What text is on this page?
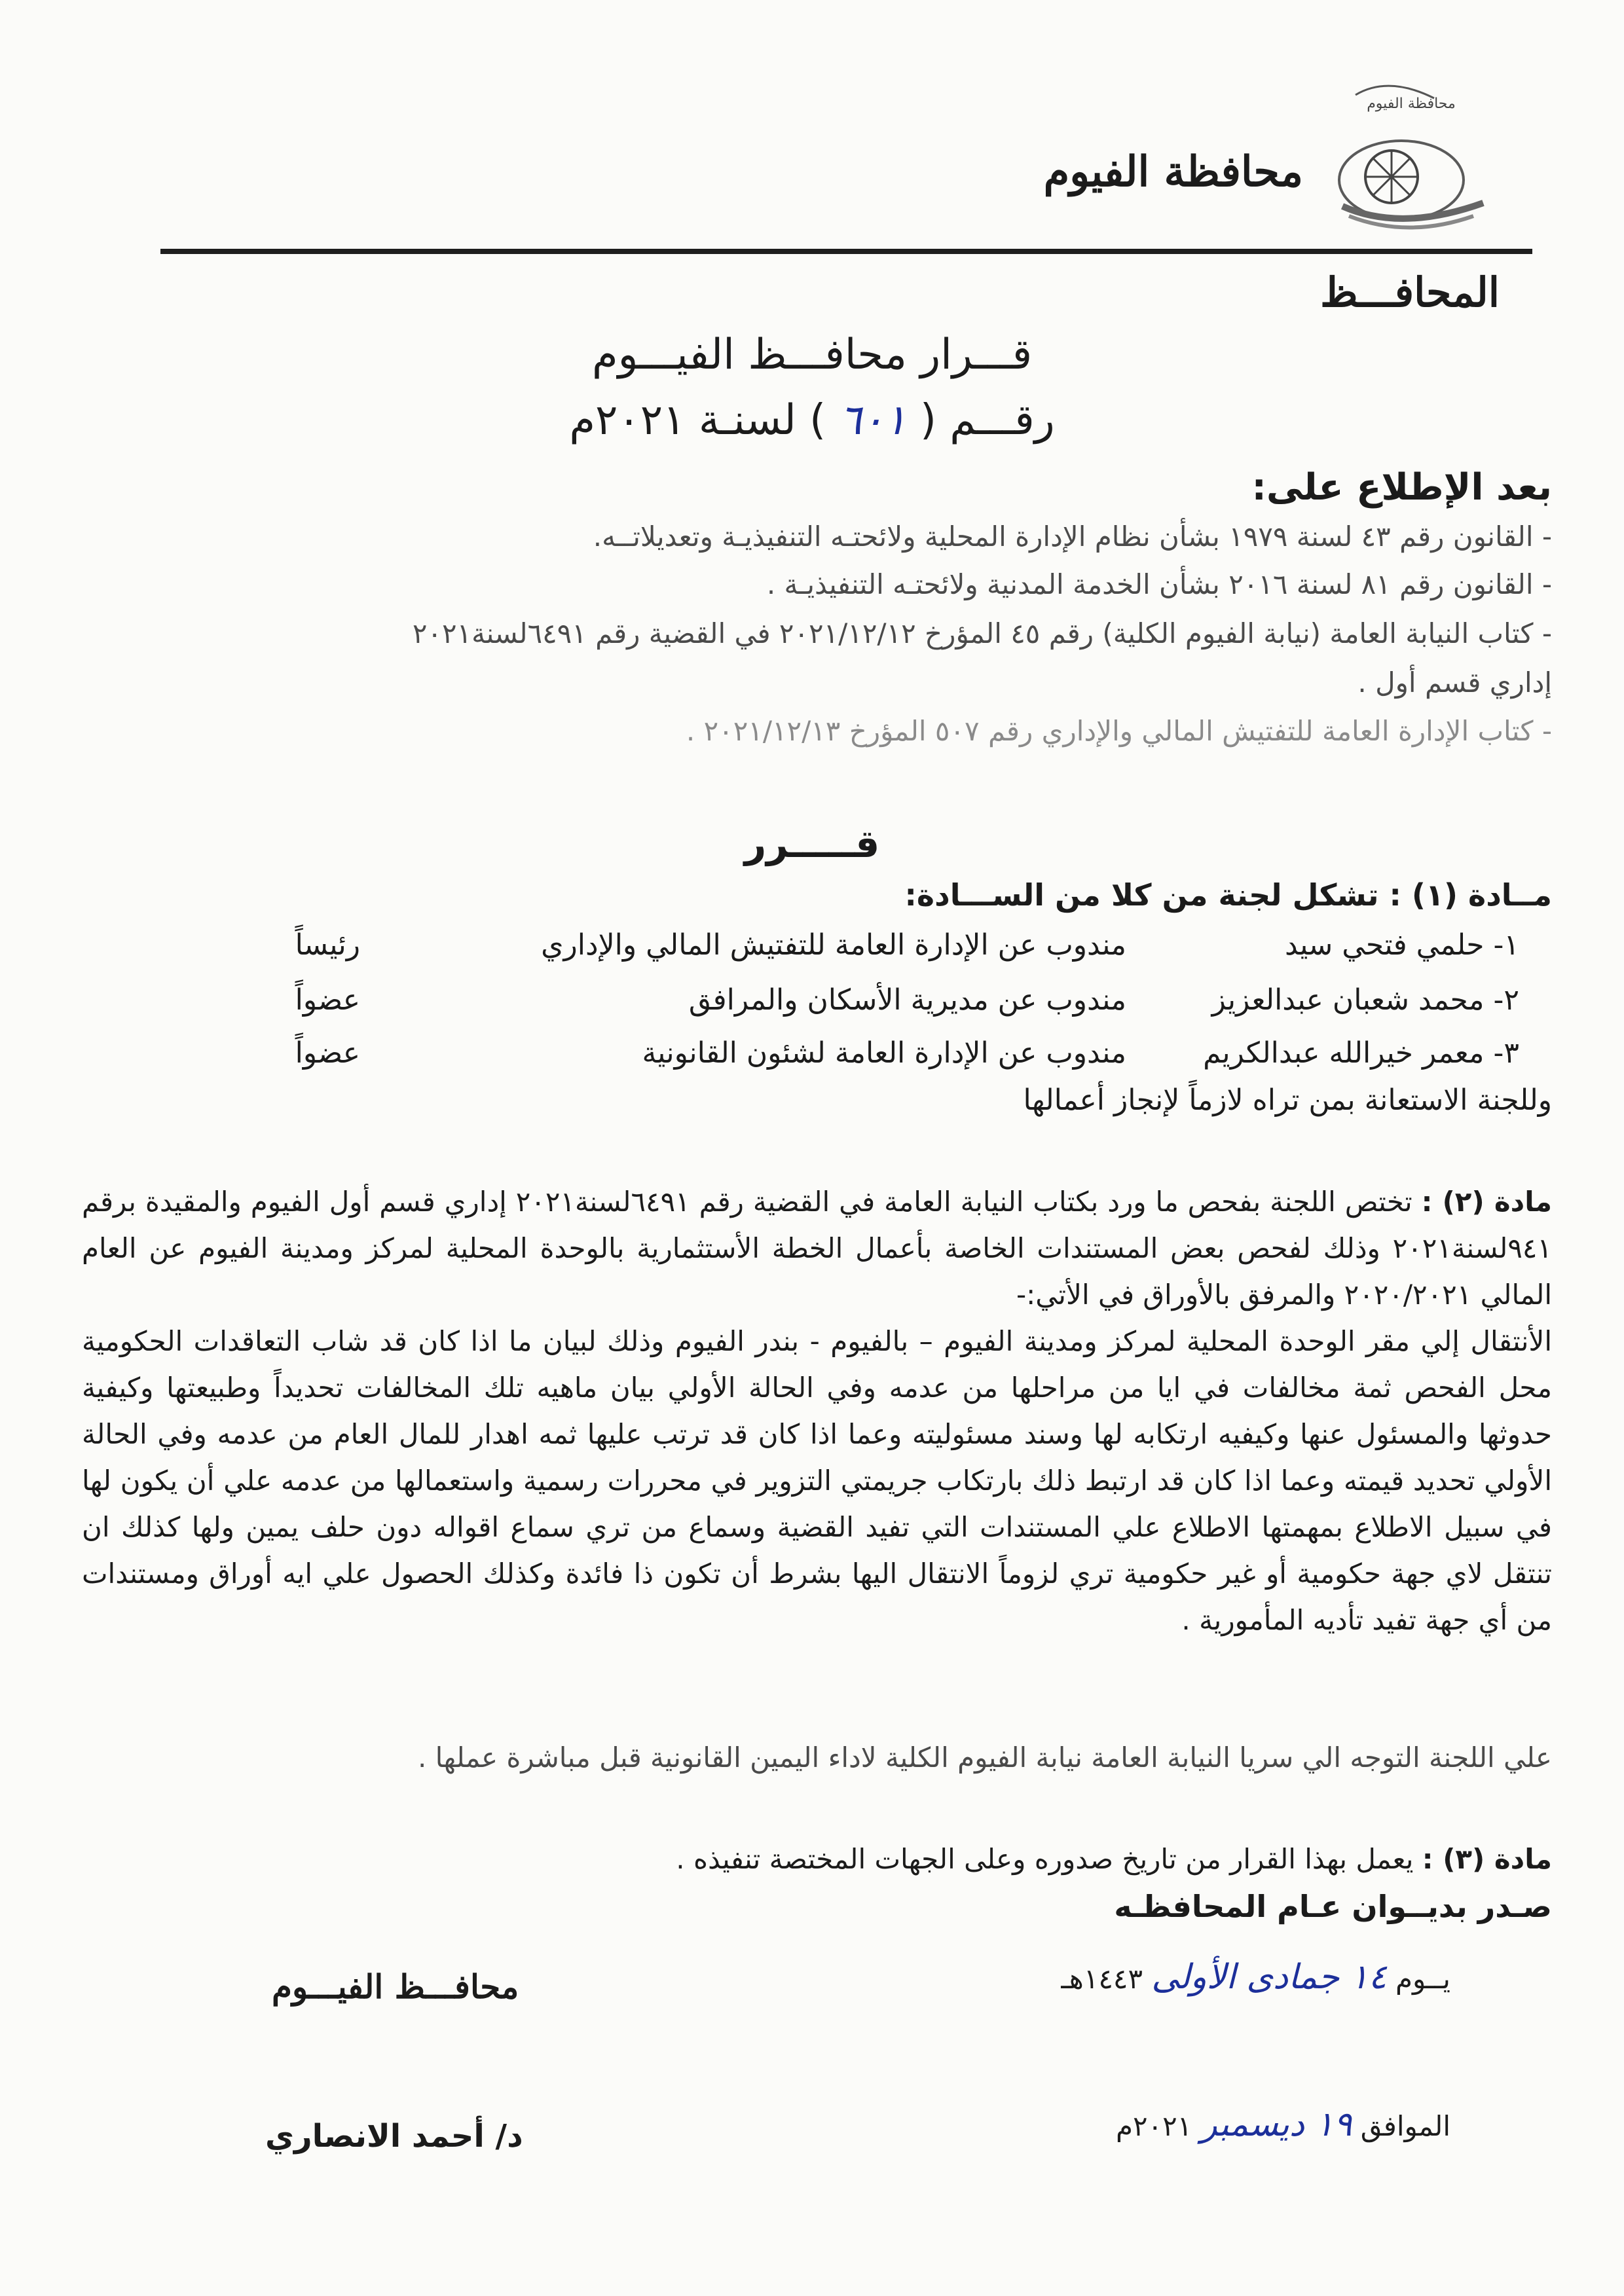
محافظة الفيوم
محافظة الفيوم
المحافـــظ
قـــرار محافـــظ الفيـــوم
رقـــم ( ٦٠١ ) لسنـة ٢٠٢١م
بعد الإطلاع على:
- القانون رقم ٤٣ لسنة ١٩٧٩ بشأن نظام الإدارة المحلية ولائحتـه التنفيذيـة وتعديلاتــه.
- القانون رقم ٨١ لسنة ٢٠١٦ بشأن الخدمة المدنية ولائحتـه التنفيذيـة .
- كتاب النيابة العامة (نيابة الفيوم الكلية) رقم ٤٥ المؤرخ ٢٠٢١/١٢/١٢ في القضية رقم ٦٤٩١لسنة٢٠٢١
إداري قسم أول .
- كتاب الإدارة العامة للتفتيش المالي والإداري رقم ٥٠٧ المؤرخ ٢٠٢١/١٢/١٣ .
قـــــرر
مــادة (١) : تشكل لجنة من كلا من الســـادة:
١- حلمي فتحي سيد
مندوب عن الإدارة العامة للتفتيش المالي والإداري
رئيساً
٢- محمد شعبان عبدالعزيز
مندوب عن مديرية الأسكان والمرافق
عضواً
٣- معمر خيرالله عبدالكريم
مندوب عن الإدارة العامة لشئون القانونية
عضواً
وللجنة الاستعانة بمن تراه لازماً لإنجاز أعمالها

مادة (٢) : تختص اللجنة بفحص ما ورد بكتاب النيابة العامة في القضية رقم ٦٤٩١لسنة٢٠٢١ إداري قسم أول الفيوم والمقيدة برقم ٩٤١لسنة٢٠٢١ وذلك لفحص بعض المستندات الخاصة بأعمال الخطة الأستثمارية بالوحدة المحلية لمركز ومدينة الفيوم عن العام المالي ٢٠٢٠/٢٠٢١ والمرفق بالأوراق في الأتي:-

الأنتقال إلي مقر الوحدة المحلية لمركز ومدينة الفيوم – بالفيوم - بندر الفيوم وذلك لبيان ما اذا كان قد شاب التعاقدات الحكومية محل الفحص ثمة مخالفات في ايا من مراحلها من عدمه وفي الحالة الأولي بيان ماهيه تلك المخالفات تحديداً وطبيعتها وكيفية حدوثها والمسئول عنها وكيفيه ارتكابه لها وسند مسئوليته وعما اذا كان قد ترتب عليها ثمه اهدار للمال العام من عدمه وفي الحالة الأولي تحديد قيمته وعما اذا كان قد ارتبط ذلك بارتكاب جريمتي التزوير في محررات رسمية واستعمالها من عدمه علي أن يكون لها في سبيل الاطلاع بمهمتها الاطلاع علي المستندات التي تفيد القضية وسماع من تري سماع اقواله دون حلف يمين ولها كذلك ان تنتقل لاي جهة حكومية أو غير حكومية تري لزوماً الانتقال اليها بشرط أن تكون ذا فائدة وكذلك الحصول علي ايه أوراق ومستندات من أي جهة تفيد تأديه المأمورية .

علي اللجنة التوجه الي سريا النيابة العامة نيابة الفيوم الكلية لاداء اليمين القانونية قبل مباشرة عملها .
مادة (٣) : يعمل بهذا القرار من تاريخ صدوره وعلى الجهات المختصة تنفيذه .
صـدر بديــوان عـام المحافظـه
يــوم ١٤ جمادى الأولى ١٤٤٣هـ
الموافق ١٩ ديسمبر ٢٠٢١م
محافـــظ الفيـــوم
د/ أحمد الانصاري
